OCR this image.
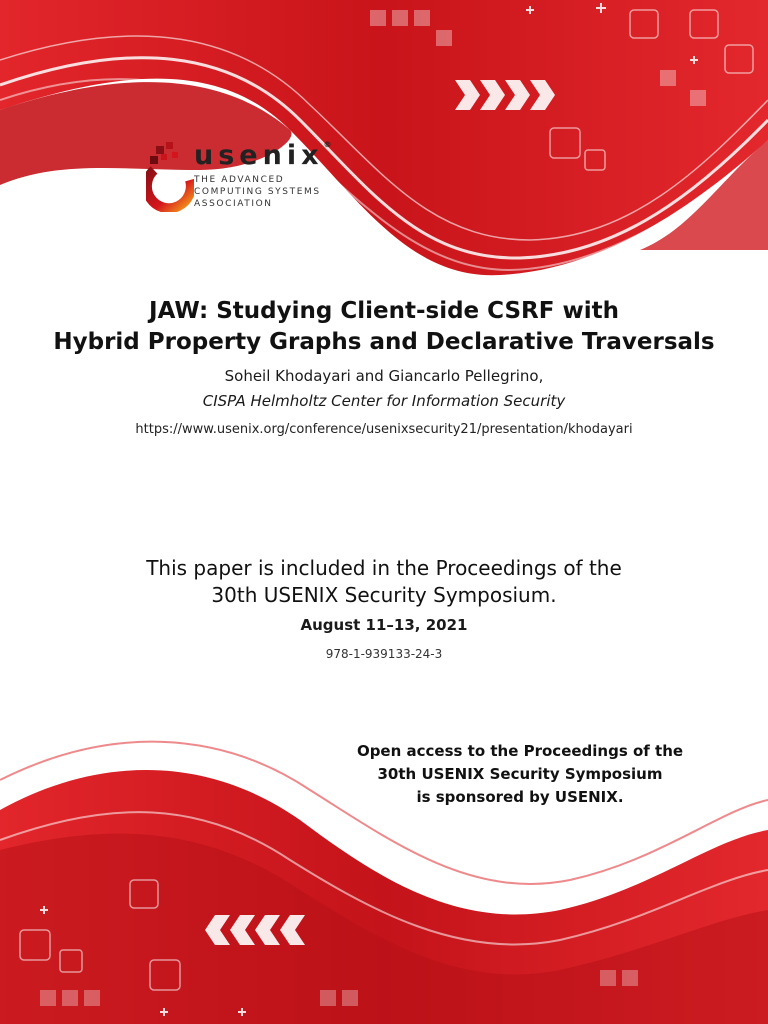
usenix®
THE ADVANCED
COMPUTING SYSTEMS
ASSOCIATION
JAW: Studying Client-side CSRF with
Hybrid Property Graphs and Declarative Traversals
Soheil Khodayari and Giancarlo Pellegrino,
CISPA Helmholtz Center for Information Security
https://www.usenix.org/conference/usenixsecurity21/presentation/khodayari
This paper is included in the Proceedings of the
30th USENIX Security Symposium.
August 11–13, 2021
978-1-939133-24-3
Open access to the Proceedings of the
30th USENIX Security Symposium
is sponsored by USENIX.
